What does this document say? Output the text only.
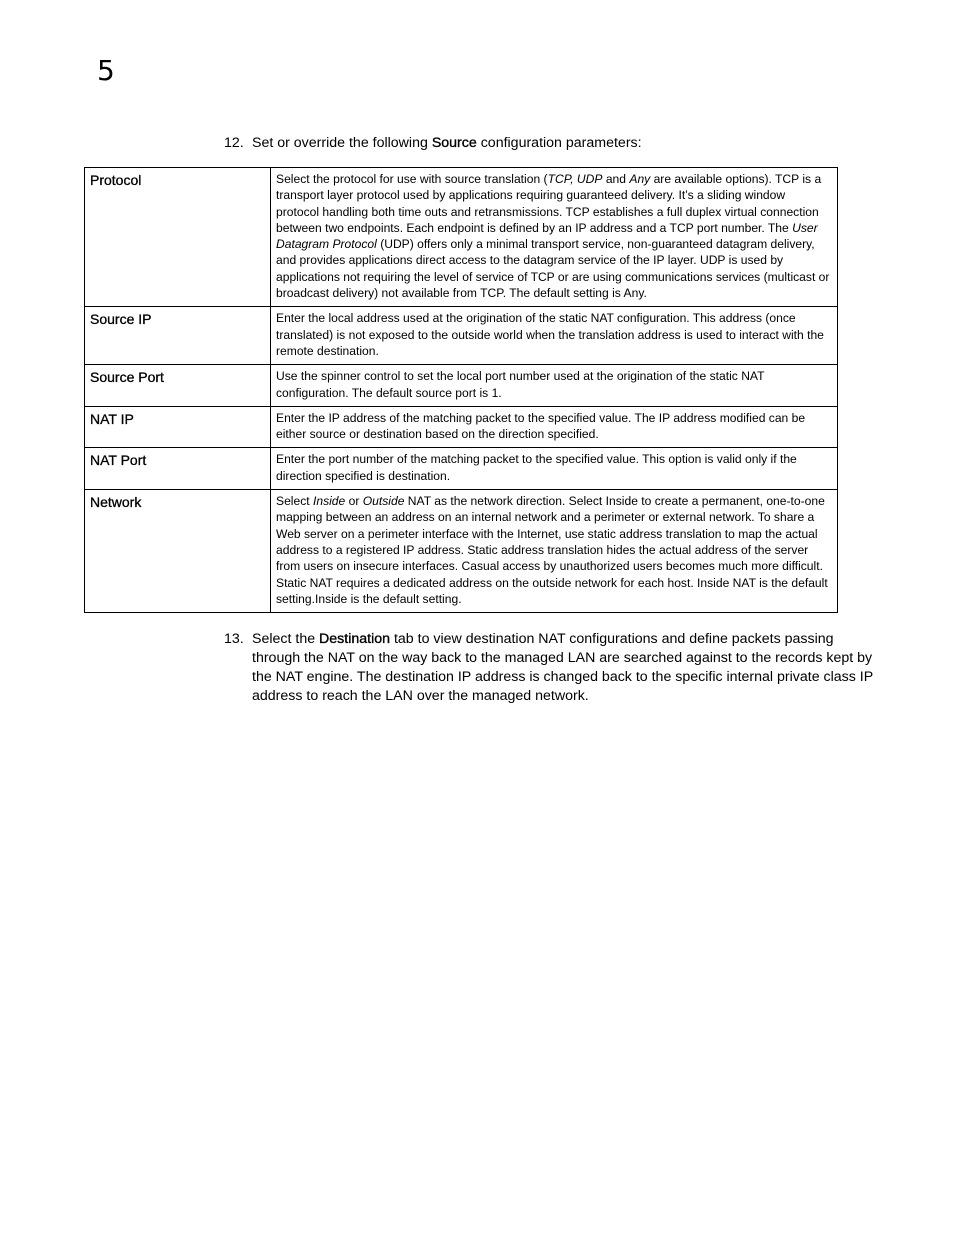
5
12. Set or override the following Source configuration parameters:
Protocol	Select the protocol for use with source translation (TCP, UDP and Any are available options). TCP is a transport layer protocol used by applications requiring guaranteed delivery. It’s a sliding window protocol handling both time outs and retransmissions. TCP establishes a full duplex virtual connection between two endpoints. Each endpoint is defined by an IP address and a TCP port number. The User Datagram Protocol (UDP) offers only a minimal transport service, non-guaranteed datagram delivery, and provides applications direct access to the datagram service of the IP layer. UDP is used by applications not requiring the level of service of TCP or are using communications services (multicast or broadcast delivery) not available from TCP. The default setting is Any.
Source IP	Enter the local address used at the origination of the static NAT configuration. This address (once translated) is not exposed to the outside world when the translation address is used to interact with the remote destination.
Source Port	Use the spinner control to set the local port number used at the origination of the static NAT configuration. The default source port is 1.
NAT IP	Enter the IP address of the matching packet to the specified value. The IP address modified can be either source or destination based on the direction specified.
NAT Port	Enter the port number of the matching packet to the specified value. This option is valid only if the direction specified is destination.
Network	Select Inside or Outside NAT as the network direction. Select Inside to create a permanent, one-to-one mapping between an address on an internal network and a perimeter or external network. To share a Web server on a perimeter interface with the Internet, use static address translation to map the actual address to a registered IP address. Static address translation hides the actual address of the server from users on insecure interfaces. Casual access by unauthorized users becomes much more difficult. Static NAT requires a dedicated address on the outside network for each host. Inside NAT is the default setting.Inside is the default setting.
13. Select the Destination tab to view destination NAT configurations and define packets passing through the NAT on the way back to the managed LAN are searched against to the records kept by the NAT engine. The destination IP address is changed back to the specific internal private class IP address to reach the LAN over the managed network.
